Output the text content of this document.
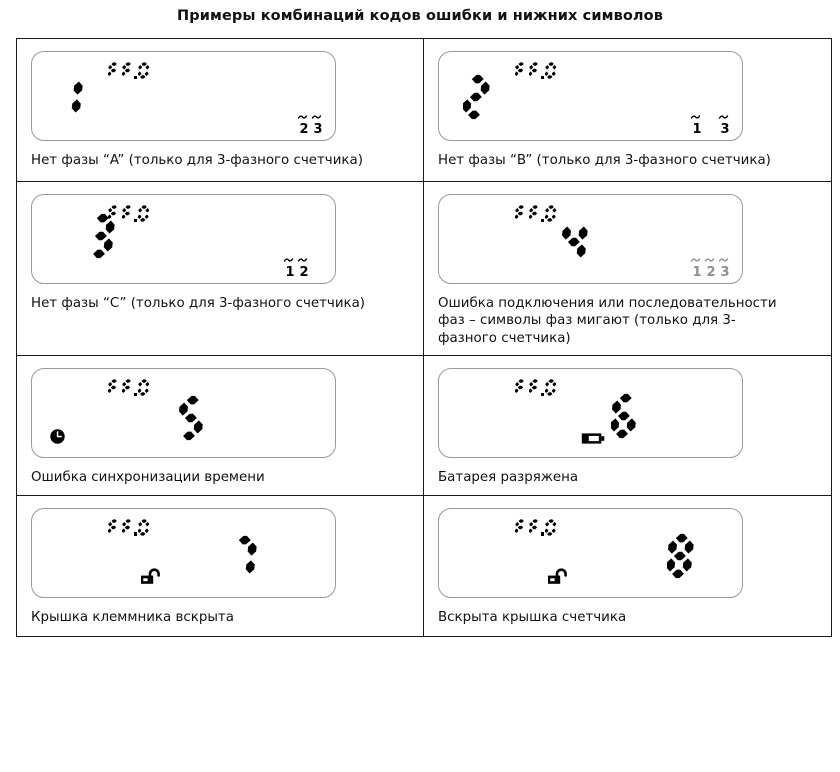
Примеры комбинаций кодов ошибки и нижних символов
2 3
Нет фазы “A” (только для 3-фазного счетчика)
1 3
Нет фазы “B” (только для 3-фазного счетчика)
1 2
Нет фазы “C” (только для 3-фазного счетчика)
1 2 3
Ошибка подключения или последовательности фаз – символы фаз мигают (только для 3-фазного счетчика)
Ошибка синхронизации времени	Батарея разряжена
Крышка клеммника вскрыта	Вскрыта крышка счетчика
